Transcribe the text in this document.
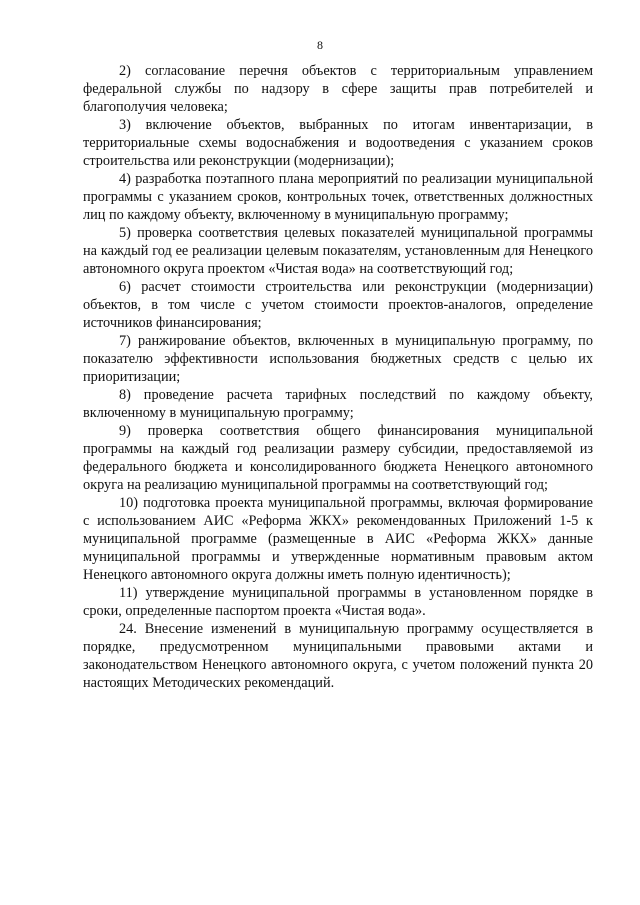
8

2) согласование перечня объектов с территориальным управлением федеральной службы по надзору в сфере защиты прав потребителей и благополучия человека;

3) включение объектов, выбранных по итогам инвентаризации, в территориальные схемы водоснабжения и водоотведения с указанием сроков строительства или реконструкции (модернизации);

4) разработка поэтапного плана мероприятий по реализации муниципальной программы с указанием сроков, контрольных точек, ответственных должностных лиц по каждому объекту, включенному в муниципальную программу;

5) проверка соответствия целевых показателей муниципальной программы на каждый год ее реализации целевым показателям, установленным для Ненецкого автономного округа проектом «Чистая вода» на соответствующий год;

6) расчет стоимости строительства или реконструкции (модернизации) объектов, в том числе с учетом стоимости проектов-аналогов, определение источников финансирования;

7) ранжирование объектов, включенных в муниципальную программу, по показателю эффективности использования бюджетных средств с целью их приоритизации;

8) проведение расчета тарифных последствий по каждому объекту, включенному в муниципальную программу;

9) проверка соответствия общего финансирования муниципальной программы на каждый год реализации размеру субсидии, предоставляемой из федерального бюджета и консолидированного бюджета Ненецкого автономного округа на реализацию муниципальной программы на соответствующий год;

10) подготовка проекта муниципальной программы, включая формирование с использованием АИС «Реформа ЖКХ» рекомендованных Приложений 1-5 к муниципальной программе (размещенные в АИС «Реформа ЖКХ» данные муниципальной программы и утвержденные нормативным правовым актом Ненецкого автономного округа должны иметь полную идентичность);

11) утверждение муниципальной программы в установленном порядке в сроки, определенные паспортом проекта «Чистая вода».

24. Внесение изменений в муниципальную программу осуществляется в порядке, предусмотренном муниципальными правовыми актами и законодательством Ненецкого автономного округа, с учетом положений пункта 20 настоящих Методических рекомендаций.
